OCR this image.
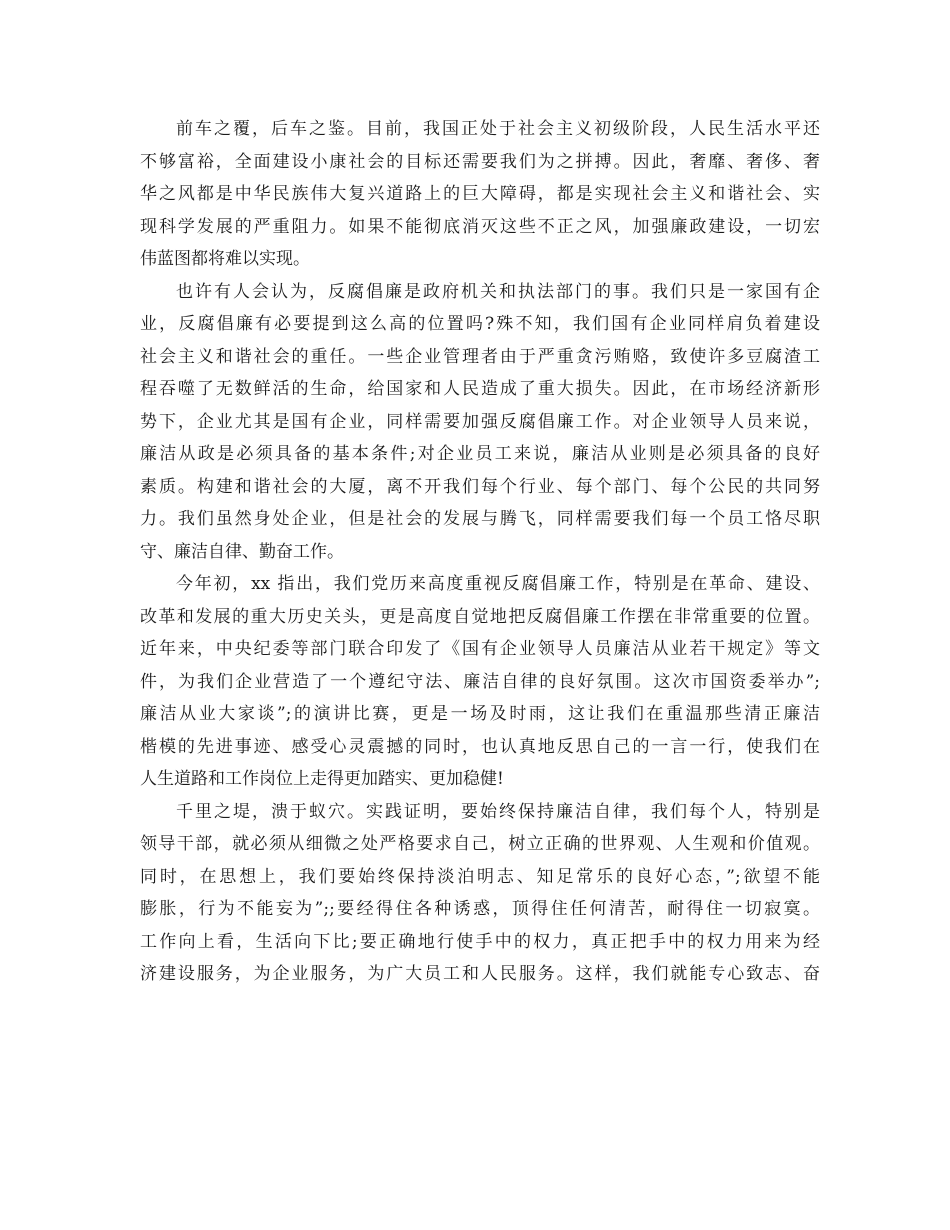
前车之覆，后车之鉴。目前，我国正处于社会主义初级阶段，人民生活水平还
不够富裕，全面建设小康社会的目标还需要我们为之拼搏。因此，奢靡、奢侈、奢
华之风都是中华民族伟大复兴道路上的巨大障碍，都是实现社会主义和谐社会、实
现科学发展的严重阻力。如果不能彻底消灭这些不正之风，加强廉政建设，一切宏
伟蓝图都将难以实现。
也许有人会认为，反腐倡廉是政府机关和执法部门的事。我们只是一家国有企
业，反腐倡廉有必要提到这么高的位置吗?殊不知，我们国有企业同样肩负着建设
社会主义和谐社会的重任。一些企业管理者由于严重贪污贿赂，致使许多豆腐渣工
程吞噬了无数鲜活的生命，给国家和人民造成了重大损失。因此，在市场经济新形
势下，企业尤其是国有企业，同样需要加强反腐倡廉工作。对企业领导人员来说，
廉洁从政是必须具备的基本条件;对企业员工来说，廉洁从业则是必须具备的良好
素质。构建和谐社会的大厦，离不开我们每个行业、每个部门、每个公民的共同努
力。我们虽然身处企业，但是社会的发展与腾飞，同样需要我们每一个员工恪尽职
守、廉洁自律、勤奋工作。
今年初，xx 指出，我们党历来高度重视反腐倡廉工作，特别是在革命、建设、
改革和发展的重大历史关头，更是高度自觉地把反腐倡廉工作摆在非常重要的位置。
近年来，中央纪委等部门联合印发了《国有企业领导人员廉洁从业若干规定》等文
件，为我们企业营造了一个遵纪守法、廉洁自律的良好氛围。这次市国资委举办”;
廉洁从业大家谈”;的演讲比赛，更是一场及时雨，这让我们在重温那些清正廉洁
楷模的先进事迹、感受心灵震撼的同时，也认真地反思自己的一言一行，使我们在
人生道路和工作岗位上走得更加踏实、更加稳健!
千里之堤，溃于蚁穴。实践证明，要始终保持廉洁自律，我们每个人，特别是
领导干部，就必须从细微之处严格要求自己，树立正确的世界观、人生观和价值观。
同时，在思想上，我们要始终保持淡泊明志、知足常乐的良好心态，”;欲望不能
膨胀，行为不能妄为”;;要经得住各种诱惑，顶得住任何清苦，耐得住一切寂寞。
工作向上看，生活向下比;要正确地行使手中的权力，真正把手中的权力用来为经
济建设服务，为企业服务，为广大员工和人民服务。这样，我们就能专心致志、奋
